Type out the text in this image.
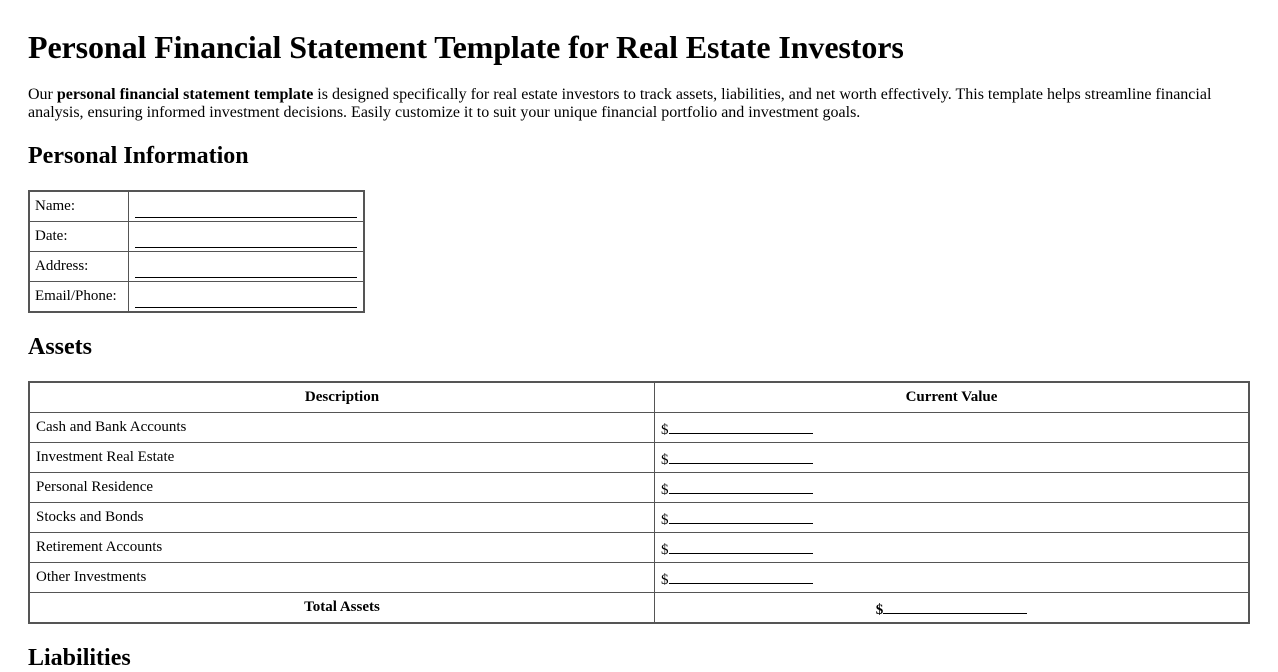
Personal Financial Statement Template for Real Estate Investors

Our personal financial statement template is designed specifically for real estate investors to track assets, liabilities, and net worth effectively. This template helps streamline financial analysis, ensuring informed investment decisions. Easily customize it to suit your unique financial portfolio and investment goals.

Personal Information
Name:	

Date:	

Address:	

Email/Phone:	
Assets
Description	Current Value
Cash and Bank Accounts	$
Investment Real Estate	$
Personal Residence	$
Stocks and Bonds	$
Retirement Accounts	$
Other Investments	$
Total Assets	$
Liabilities
